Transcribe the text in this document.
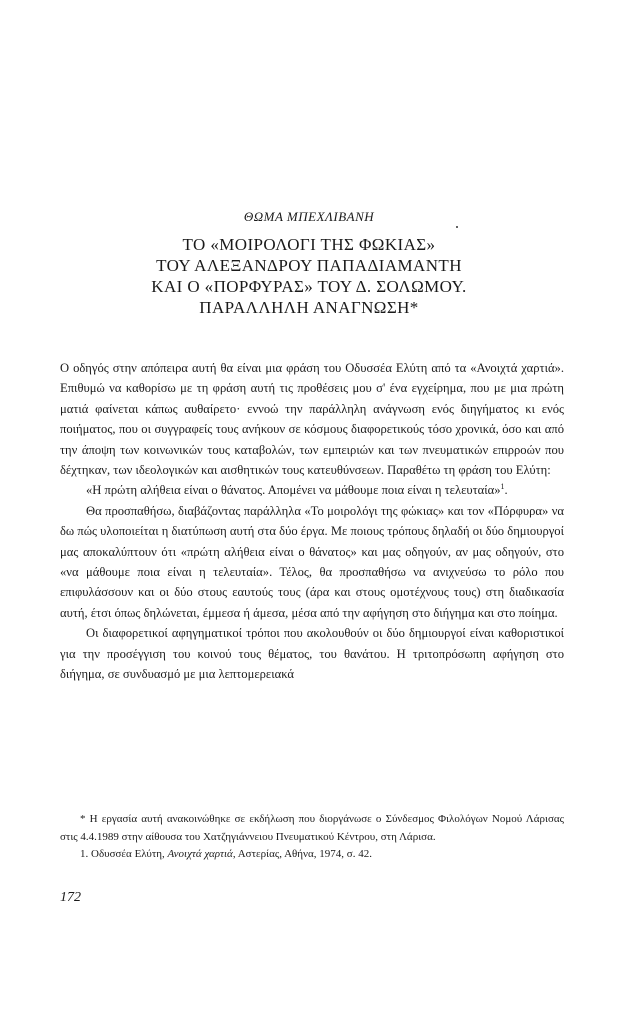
ΘΩΜΑ ΜΠΕΧΛΙΒΑΝΗ
ΤΟ «ΜΟΙΡΟΛΟΓΙ ΤΗΣ ΦΩΚΙΑΣ»
ΤΟΥ ΑΛΕΞΑΝΔΡΟΥ ΠΑΠΑΔΙΑΜΑΝΤΗ
ΚΑΙ Ο «ΠΟΡΦΥΡΑΣ» ΤΟΥ Δ. ΣΟΛΩΜΟΥ.
ΠΑΡΑΛΛΗΛΗ ΑΝΑΓΝΩΣΗ*

Ο οδηγός στην απόπειρα αυτή θα είναι μια φράση του Οδυσσέα Ελύτη από τα «Ανοιχτά χαρτιά». Επιθυμώ να καθορίσω με τη φράση αυτή τις προθέσεις μου σ' ένα εγχείρημα, που με μια πρώτη ματιά φαίνεται κάπως αυθαίρετο· εννοώ την παράλληλη ανάγνωση ενός διηγήματος κι ενός ποιήματος, που οι συγγραφείς τους ανήκουν σε κόσμους διαφορετικούς τόσο χρονικά, όσο και από την άποψη των κοινωνικών τους καταβολών, των εμπειριών και των πνευματικών επιρροών που δέχτηκαν, των ιδεολογικών και αισθητικών τους κατευθύνσεων. Παραθέτω τη φράση του Ελύτη:

«Η πρώτη αλήθεια είναι ο θάνατος. Απομένει να μάθουμε ποια είναι η τελευταία»$^1$.

Θα προσπαθήσω, διαβάζοντας παράλληλα «Το μοιρολόγι της φώκιας» και τον «Πόρφυρα» να δω πώς υλοποιείται η διατύπωση αυτή στα δύο έργα. Με ποιους τρόπους δηλαδή οι δύο δημιουργοί μας αποκαλύπτουν ότι «πρώτη αλήθεια είναι ο θάνατος» και μας οδηγούν, αν μας οδηγούν, στο «να μάθουμε ποια είναι η τελευταία». Τέλος, θα προσπαθήσω να ανιχνεύσω το ρόλο που επιφυλάσσουν και οι δύο στους εαυτούς τους (άρα και στους ομοτέχνους τους) στη διαδικασία αυτή, έτσι όπως δηλώνεται, έμμεσα ή άμεσα, μέσα από την αφήγηση στο διήγημα και στο ποίημα.

Οι διαφορετικοί αφηγηματικοί τρόποι που ακολουθούν οι δύο δημιουργοί είναι καθοριστικοί για την προσέγγιση του κοινού τους θέματος, του θανάτου. Η τριτοπρόσωπη αφήγηση στο διήγημα, σε συνδυασμό με μια λεπτομερειακά

* Η εργασία αυτή ανακοινώθηκε σε εκδήλωση που διοργάνωσε ο Σύνδεσμος Φιλολόγων Νομού Λάρισας στις 4.4.1989 στην αίθουσα του Χατζηγιάννειου Πνευματικού Κέντρου, στη Λάρισα.

1. Οδυσσέα Ελύτη, Ανοιχτά χαρτιά, Αστερίας, Αθήνα, 1974, σ. 42.

172
